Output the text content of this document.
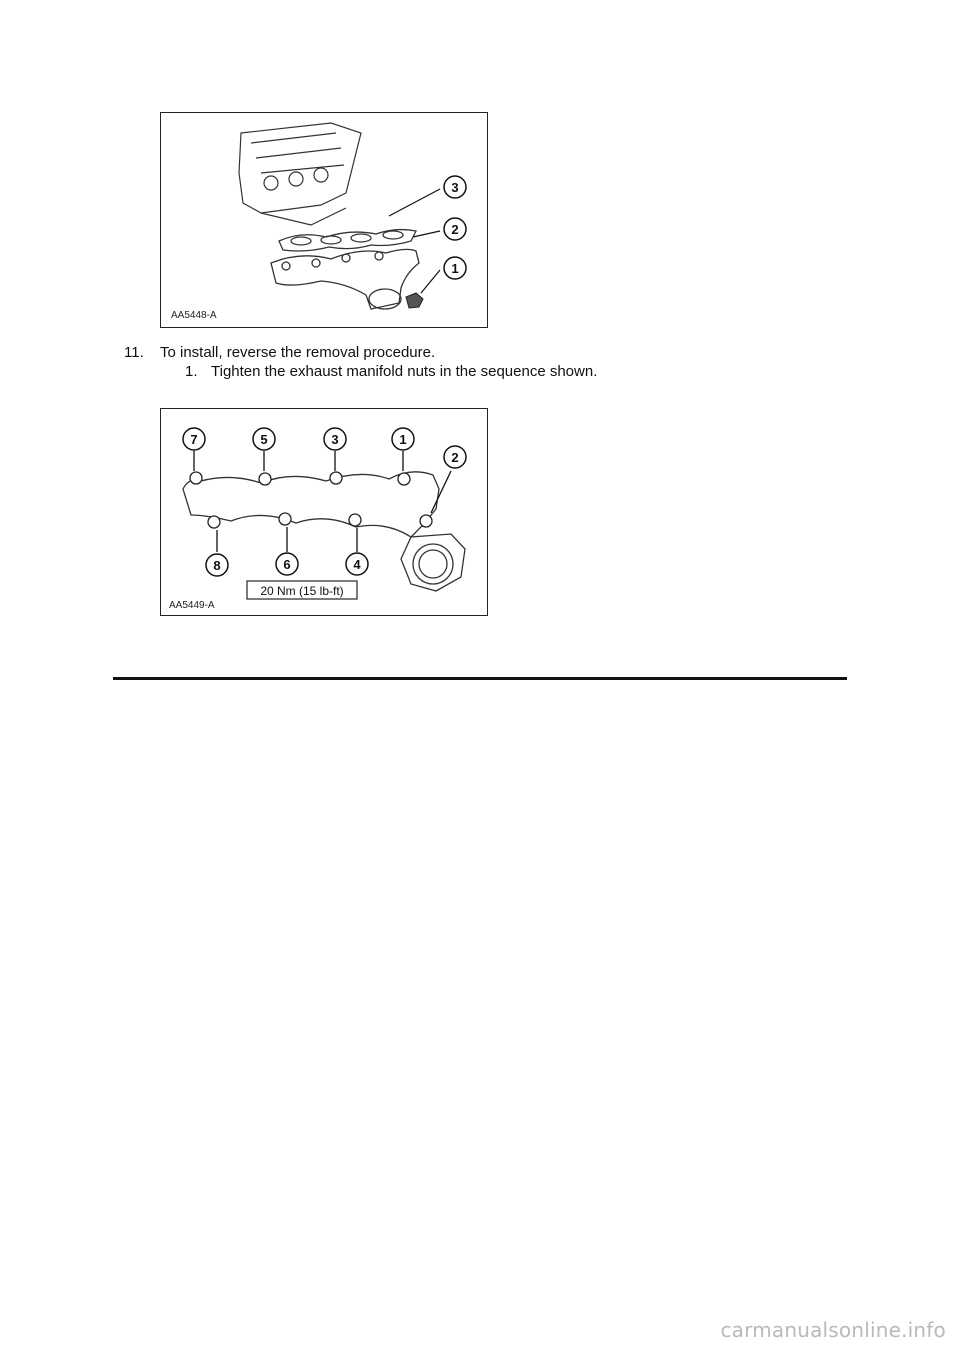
3
2
1
AA5448-A
11. To install, reverse the removal procedure.
1. Tighten the exhaust manifold nuts in the sequence shown.
7	5	3	1
2
8	6	4
20 Nm (15 lb-ft)
AA5449-A
carmanualsonline.info
